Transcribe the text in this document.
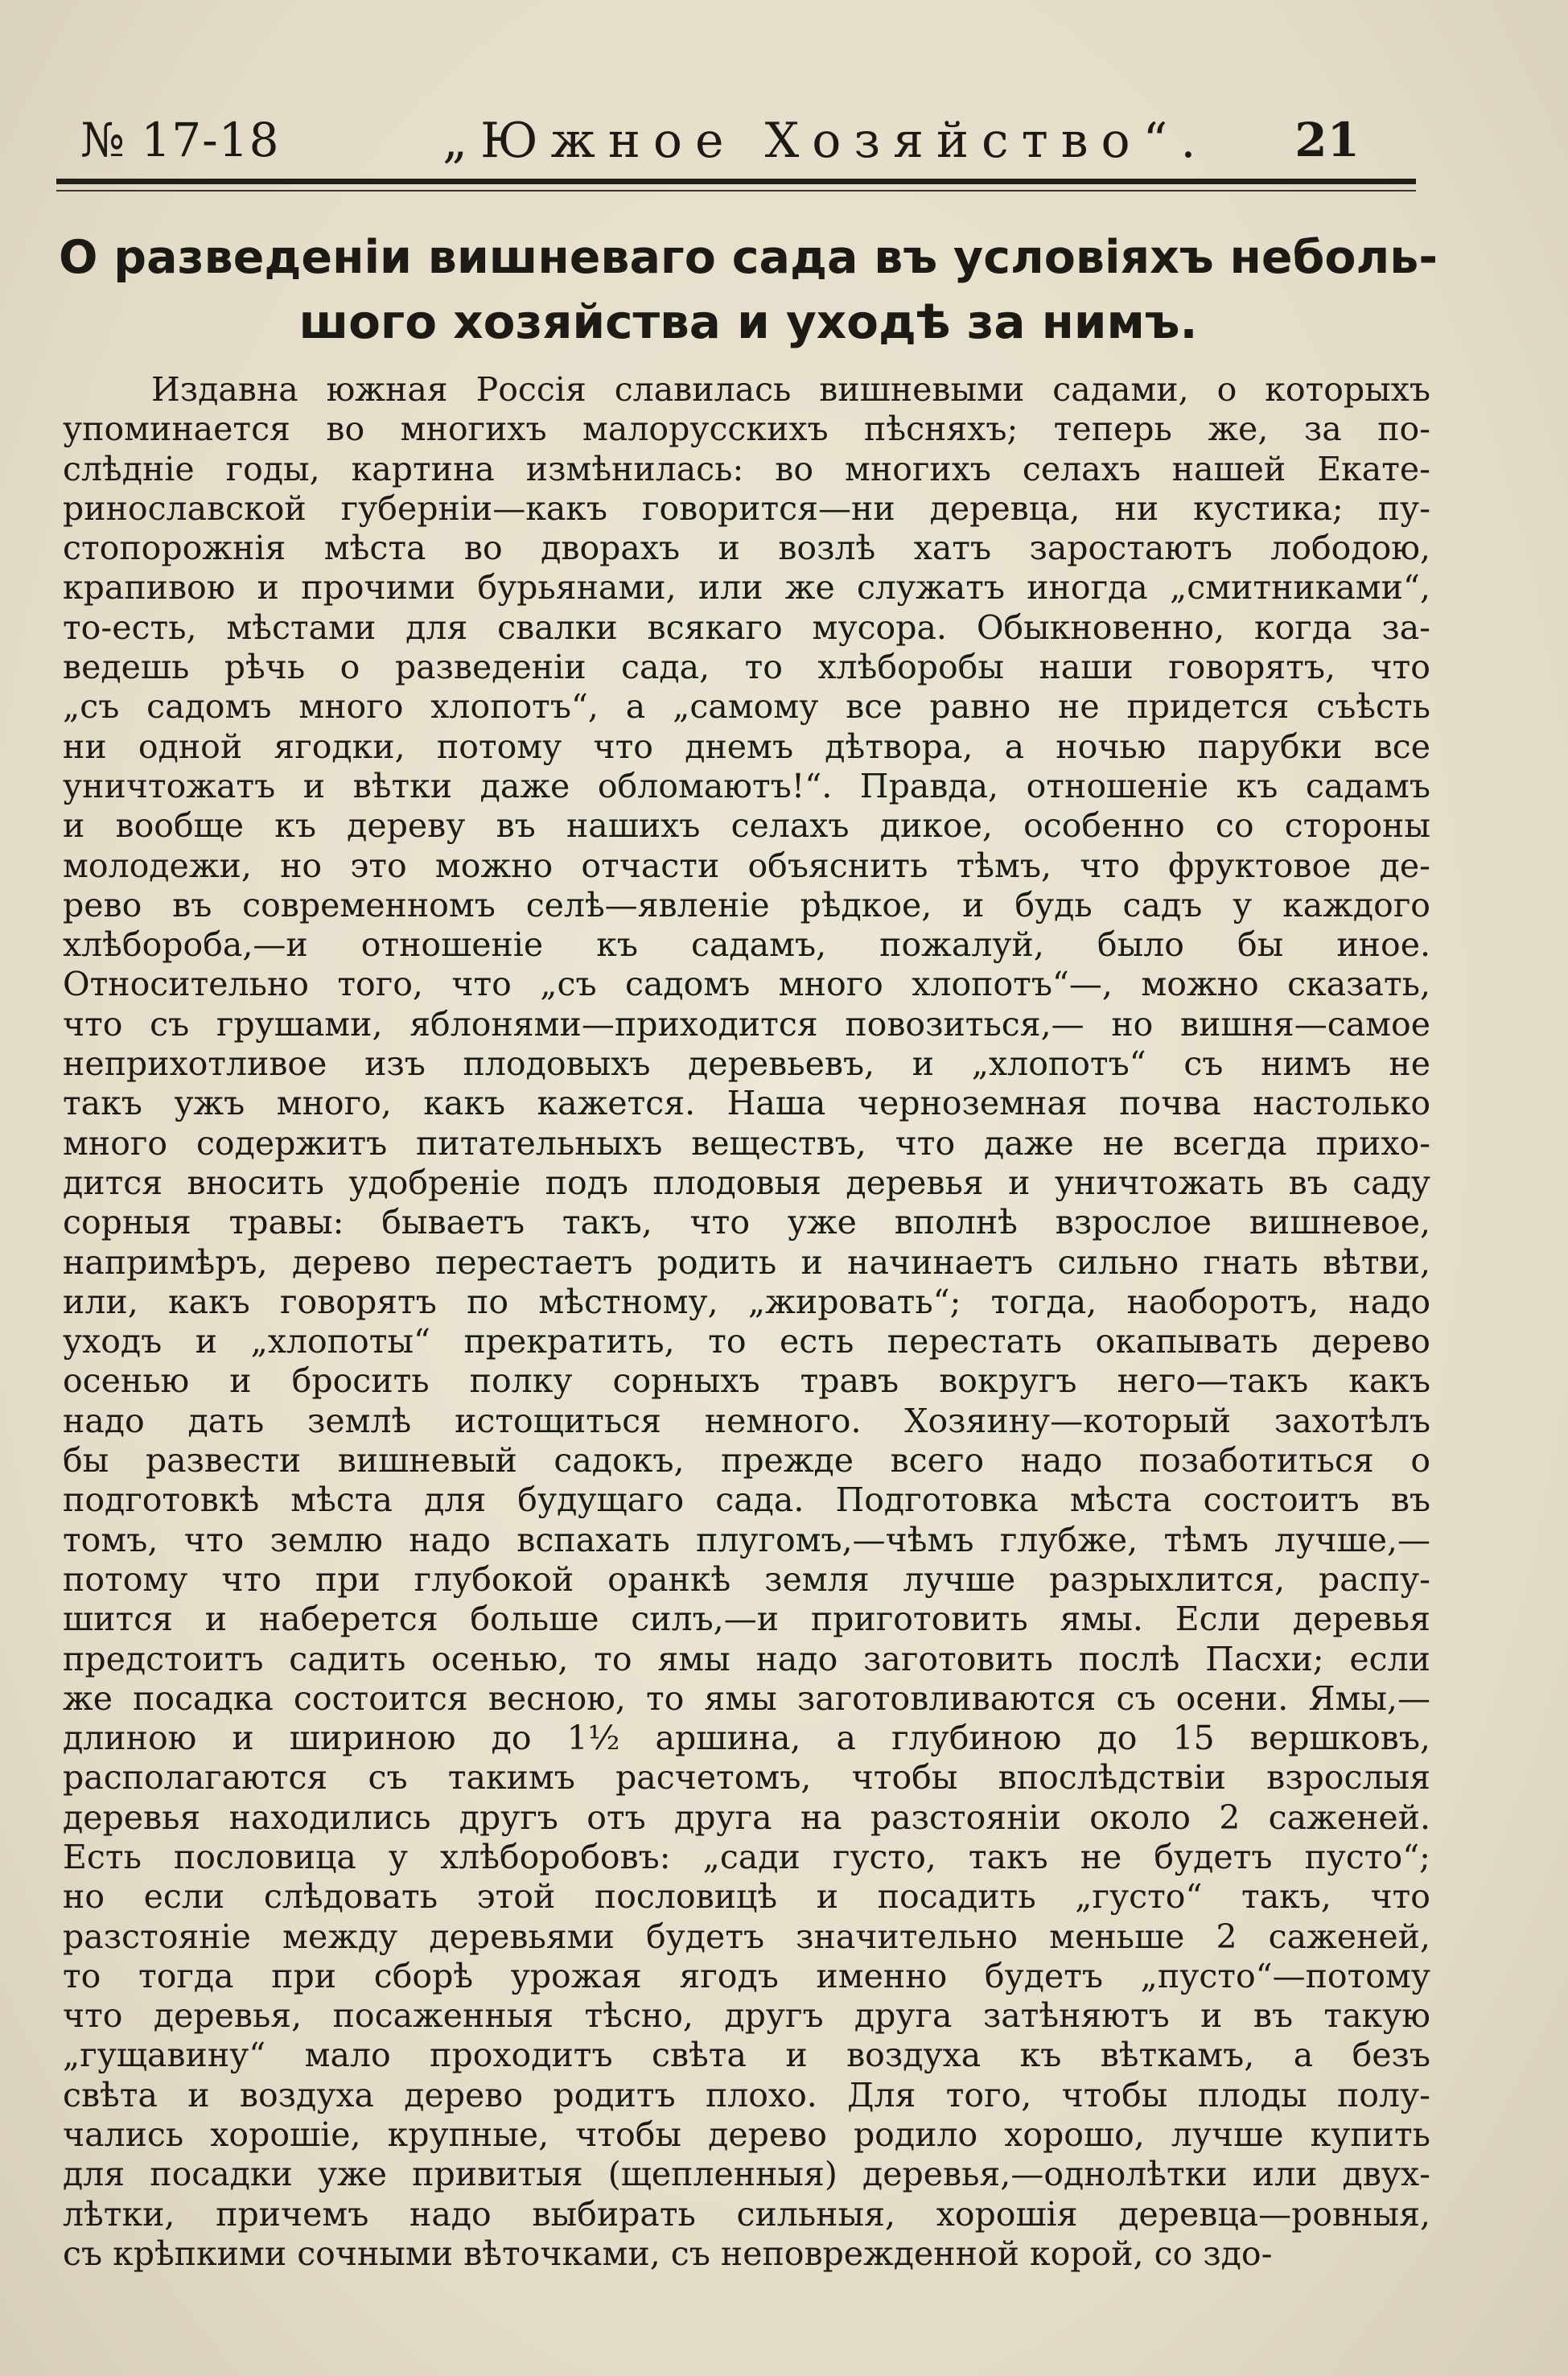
№ 17-18	„Южное Хозяйство“. 21
О разведенiи вишневаго сада въ условiяхъ неболь-
шого хозяйства и уходѣ за нимъ.
Издавна южная Россiя славилась вишневыми садами, о которыхъ
упоминается во многихъ малорусскихъ пѣсняхъ; теперь же, за по-
слѣднiе годы, картина измѣнилась: во многихъ селахъ нашей Екате-
ринославской губернiи—какъ говорится—ни деревца, ни кустика; пу-
стопорожнiя мѣста во дворахъ и возлѣ хатъ заростаютъ лободою,
крапивою и прочими бурьянами, или же служатъ иногда „смитниками“,
то-есть, мѣстами для свалки всякаго мусора. Обыкновенно, когда за-
ведешь рѣчь о разведенiи сада, то хлѣборобы наши говорятъ, что
„съ садомъ много хлопотъ“, а „самому все равно не придется съѣсть
ни одной ягодки, потому что днемъ дѣтвора, а ночью парубки все
уничтожатъ и вѣтки даже обломаютъ!“. Правда, отношенiе къ садамъ
и вообще къ дереву въ нашихъ селахъ дикое, особенно со стороны
молодежи, но это можно отчасти объяснить тѣмъ, что фруктовое де-
рево въ современномъ селѣ—явленiе рѣдкое, и будь садъ у каждого
хлѣбороба,—и отношенiе къ садамъ, пожалуй, было бы иное.
Относительно того, что „съ садомъ много хлопотъ“—, можно сказать,
что съ грушами, яблонями—приходится повозиться,— но вишня—самое
неприхотливое изъ плодовыхъ деревьевъ, и „хлопотъ“ съ нимъ не
такъ ужъ много, какъ кажется. Наша черноземная почва настолько
много содержитъ питательныхъ веществъ, что даже не всегда прихо-
дится вносить удобренiе подъ плодовыя деревья и уничтожать въ саду
сорныя травы: бываетъ такъ, что уже вполнѣ взрослое вишневое,
напримѣръ, дерево перестаетъ родить и начинаетъ сильно гнать вѣтви,
или, какъ говорятъ по мѣстному, „жировать“; тогда, наоборотъ, надо
уходъ и „хлопоты“ прекратить, то есть перестать окапывать дерево
осенью и бросить полку сорныхъ травъ вокругъ него—такъ какъ
надо дать землѣ истощиться немного. Хозяину—который захотѣлъ
бы развести вишневый садокъ, прежде всего надо позаботиться о
подготовкѣ мѣста для будущаго сада. Подготовка мѣста состоитъ въ
томъ, что землю надо вспахать плугомъ,—чѣмъ глубже, тѣмъ лучше,—
потому что при глубокой оранкѣ земля лучше разрыхлится, распу-
шится и наберется больше силъ,—и приготовить ямы. Если деревья
предстоитъ садить осенью, то ямы надо заготовить послѣ Пасхи; если
же посадка состоится весною, то ямы заготовливаются съ осени. Ямы,—
длиною и шириною до 1½ аршина, а глубиною до 15 вершковъ,
располагаются съ такимъ расчетомъ, чтобы впослѣдствiи взрослыя
деревья находились другъ отъ друга на разстоянiи около 2 саженей.
Есть пословица у хлѣборобовъ: „сади густо, такъ не будетъ пусто“;
но если слѣдовать этой пословицѣ и посадить „густо“ такъ, что
разстоянiе между деревьями будетъ значительно меньше 2 саженей,
то тогда при сборѣ урожая ягодъ именно будетъ „пусто“—потому
что деревья, посаженныя тѣсно, другъ друга затѣняютъ и въ такую
„гущавину“ мало проходитъ свѣта и воздуха къ вѣткамъ, а безъ
свѣта и воздуха дерево родитъ плохо. Для того, чтобы плоды полу-
чались хорошiе, крупные, чтобы дерево родило хорошо, лучше купить
для посадки уже привитыя (щепленныя) деревья,—однолѣтки или двух-
лѣтки, причемъ надо выбирать сильныя, хорошiя деревца—ровныя,
съ крѣпкими сочными вѣточками, съ неповрежденной корой, со здо-
